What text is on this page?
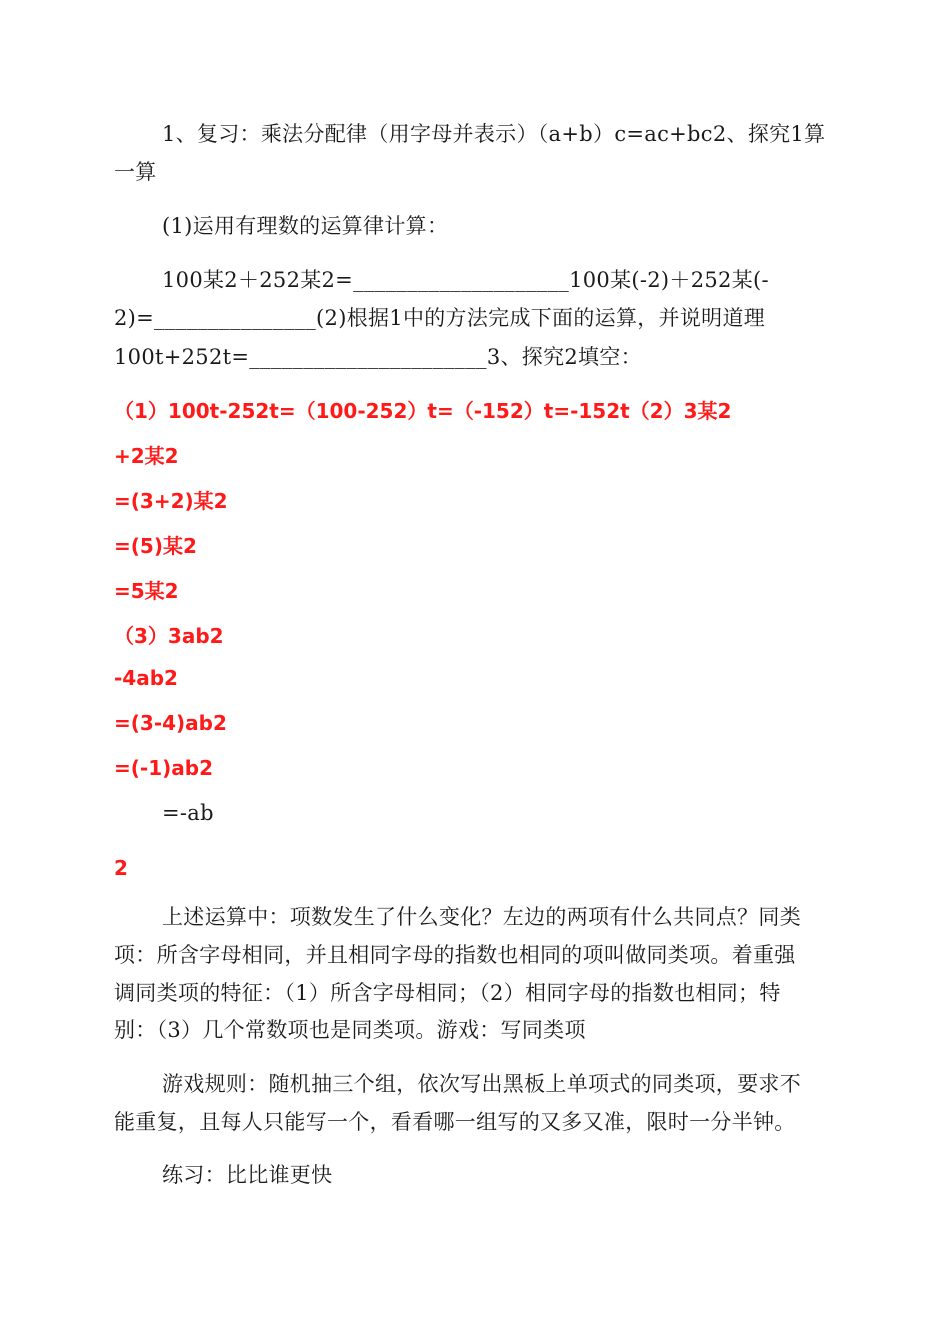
1、复习：乘法分配律（用字母并表示）（a+b）c=ac+bc2、探究1算
一算
(1)运用有理数的运算律计算：
100某2＋252某2=____________________100某(-2)＋252某(-
2)=_______________(2)根据1中的方法完成下面的运算，并说明道理
100t+252t=______________________3、探究2填空：
（1）100t-252t=（100-252）t=（-152）t=-152t（2）3某2
+2某2
=(3+2)某2
=(5)某2
=5某2
（3）3ab2
-4ab2
=(3-4)ab2
=(-1)ab2
=-ab
2
上述运算中：项数发生了什么变化？左边的两项有什么共同点？同类
项：所含字母相同，并且相同字母的指数也相同的项叫做同类项。着重强
调同类项的特征：（1）所含字母相同；（2）相同字母的指数也相同；特
别：（3）几个常数项也是同类项。游戏：写同类项
游戏规则：随机抽三个组，依次写出黑板上单项式的同类项，要求不
能重复，且每人只能写一个，看看哪一组写的又多又准，限时一分半钟。
练习：比比谁更快
